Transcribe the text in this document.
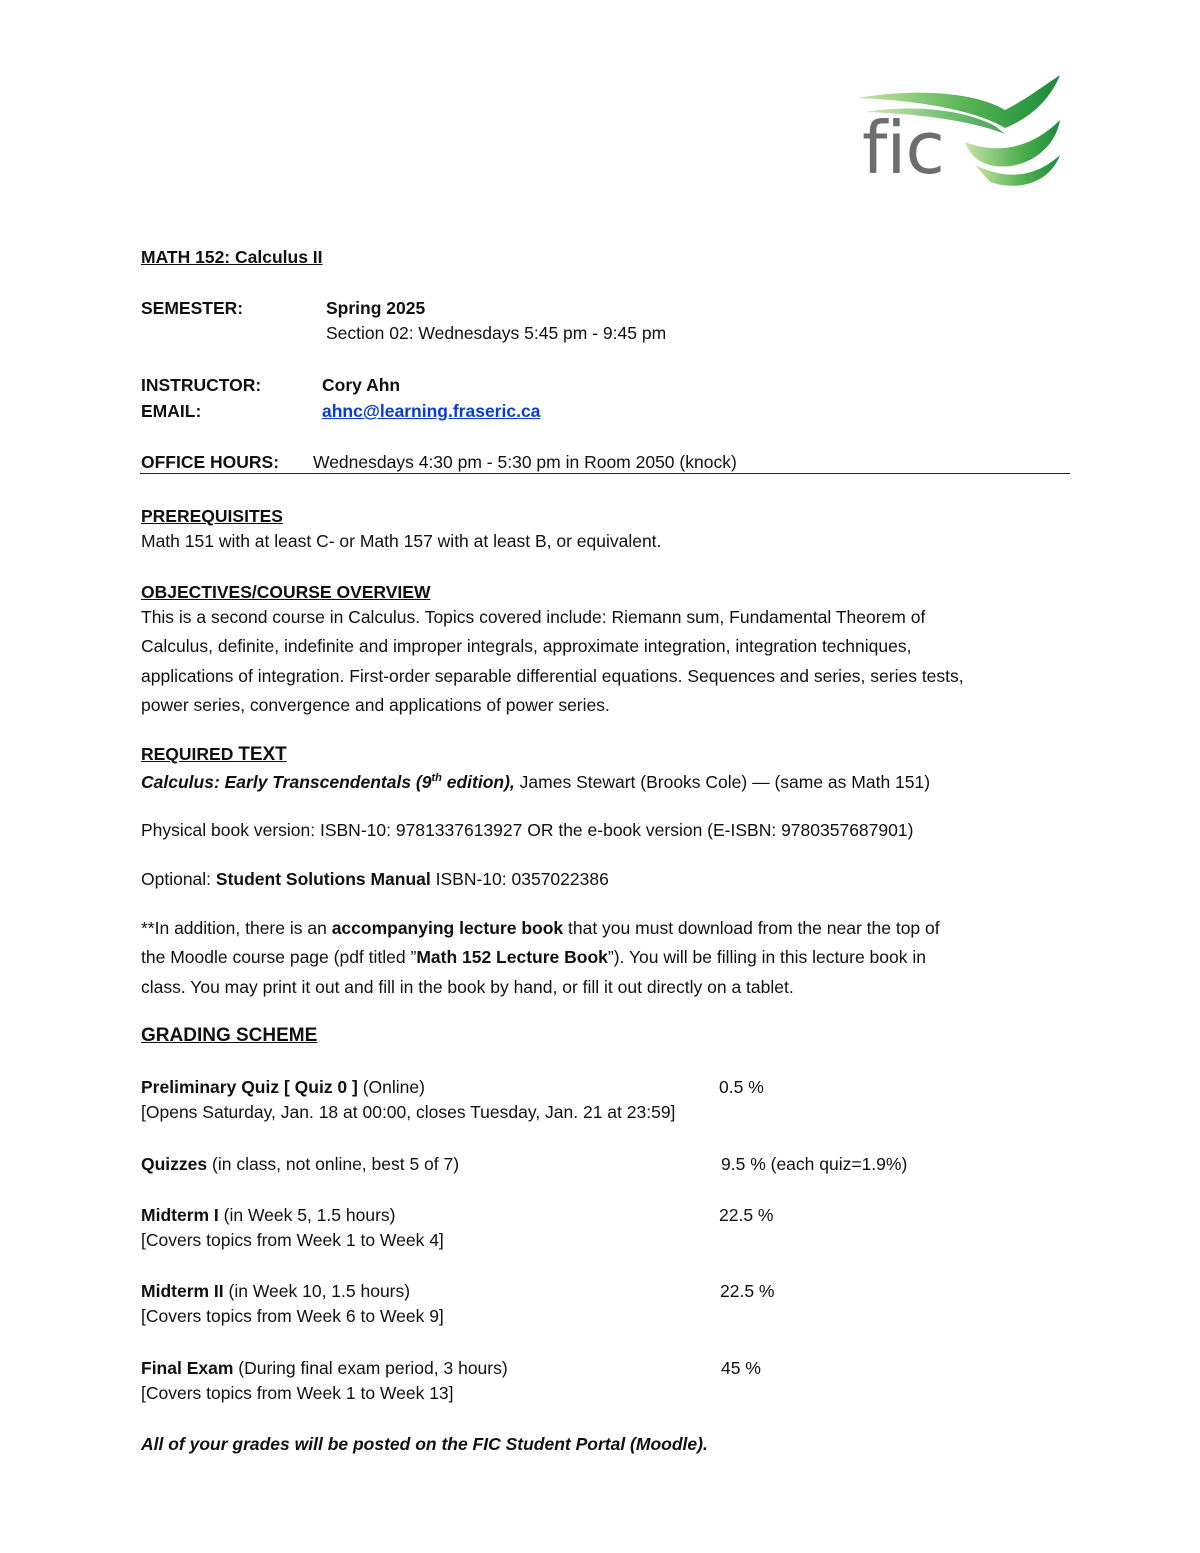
fic
MATH 152: Calculus II
SEMESTER:	Spring 2025
Section 02: Wednesdays 5:45 pm - 9:45 pm
INSTRUCTOR:	Cory Ahn
EMAIL:	ahnc@learning.fraseric.ca
OFFICE HOURS: Wednesdays 4:30 pm - 5:30 pm in Room 2050 (knock)
PREREQUISITES
Math 151 with at least C- or Math 157 with at least B, or equivalent.
OBJECTIVES/COURSE OVERVIEW
This is a second course in Calculus. Topics covered include: Riemann sum, Fundamental Theorem of
Calculus, definite, indefinite and improper integrals, approximate integration, integration techniques,
applications of integration. First-order separable differential equations. Sequences and series, series tests,
power series, convergence and applications of power series.
REQUIRED TEXT
Calculus: Early Transcendentals (9th edition), James Stewart (Brooks Cole) — (same as Math 151)
Physical book version: ISBN-10: 9781337613927 OR the e-book version (E-ISBN: 9780357687901)
Optional: Student Solutions Manual ISBN-10: 0357022386
**In addition, there is an accompanying lecture book that you must download from the near the top of
the Moodle course page (pdf titled ”Math 152 Lecture Book”). You will be filling in this lecture book in
class. You may print it out and fill in the book by hand, or fill it out directly on a tablet.
GRADING SCHEME
Preliminary Quiz [ Quiz 0 ] (Online)	0.5 %
[Opens Saturday, Jan. 18 at 00:00, closes Tuesday, Jan. 21 at 23:59]
Quizzes (in class, not online, best 5 of 7)	9.5 % (each quiz=1.9%)
Midterm I (in Week 5, 1.5 hours)	22.5 %
[Covers topics from Week 1 to Week 4]
Midterm II (in Week 10, 1.5 hours)	22.5 %
[Covers topics from Week 6 to Week 9]
Final Exam (During final exam period, 3 hours)	45 %
[Covers topics from Week 1 to Week 13]
All of your grades will be posted on the FIC Student Portal (Moodle).
